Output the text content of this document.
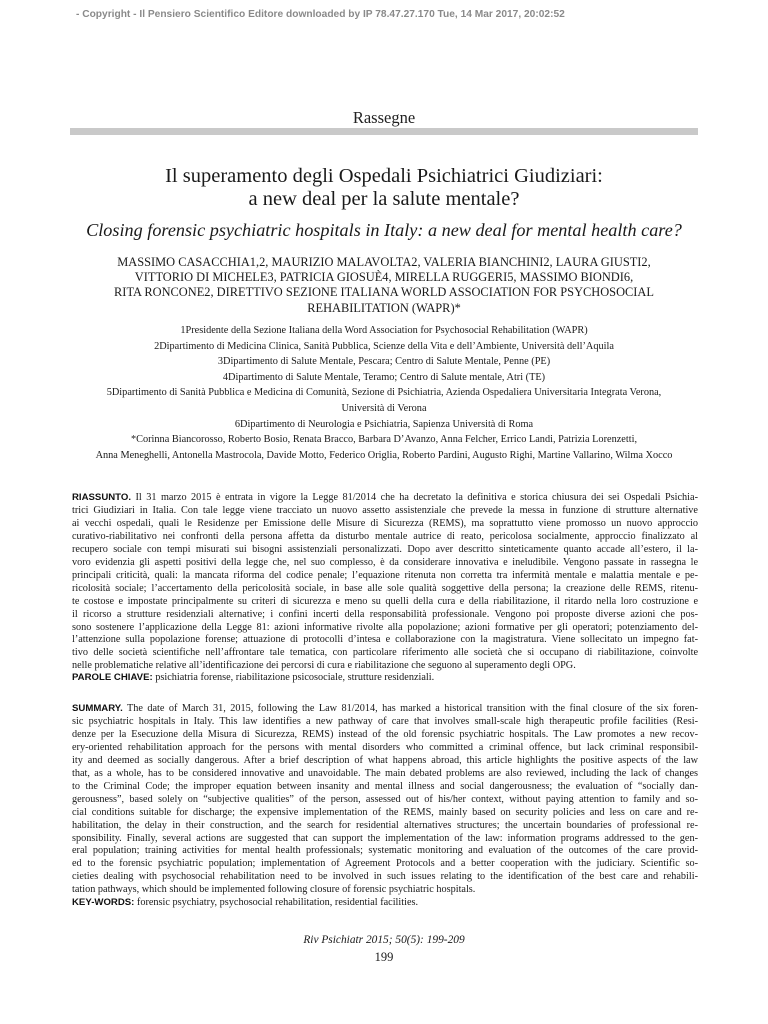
- Copyright - Il Pensiero Scientifico Editore downloaded by IP 78.47.27.170 Tue, 14 Mar 2017, 20:02:52
Rassegne
Il superamento degli Ospedali Psichiatrici Giudiziari:
a new deal per la salute mentale?
Closing forensic psychiatric hospitals in Italy: a new deal for mental health care?
MASSIMO CASACCHIA1,2, MAURIZIO MALAVOLTA2, VALERIA BIANCHINI2, LAURA GIUSTI2,
VITTORIO DI MICHELE3, PATRICIA GIOSUÈ4, MIRELLA RUGGERI5, MASSIMO BIONDI6,
RITA RONCONE2, DIRETTIVO SEZIONE ITALIANA WORLD ASSOCIATION FOR PSYCHOSOCIAL
REHABILITATION (WAPR)*
1Presidente della Sezione Italiana della Word Association for Psychosocial Rehabilitation (WAPR)
2Dipartimento di Medicina Clinica, Sanità Pubblica, Scienze della Vita e dell’Ambiente, Università dell’Aquila
3Dipartimento di Salute Mentale, Pescara; Centro di Salute Mentale, Penne (PE)
4Dipartimento di Salute Mentale, Teramo; Centro di Salute mentale, Atri (TE)
5Dipartimento di Sanità Pubblica e Medicina di Comunità, Sezione di Psichiatria, Azienda Ospedaliera Universitaria Integrata Verona,
Università di Verona
6Dipartimento di Neurologia e Psichiatria, Sapienza Università di Roma
*Corinna Biancorosso, Roberto Bosio, Renata Bracco, Barbara D’Avanzo, Anna Felcher, Errico Landi, Patrizia Lorenzetti,
Anna Meneghelli, Antonella Mastrocola, Davide Motto, Federico Origlia, Roberto Pardini, Augusto Righi, Martine Vallarino, Wilma Xocco
RIASSUNTO. Il 31 marzo 2015 è entrata in vigore la Legge 81/2014 che ha decretato la definitiva e storica chiusura dei sei Ospedali Psichia-
trici Giudiziari in Italia. Con tale legge viene tracciato un nuovo assetto assistenziale che prevede la messa in funzione di strutture alternative
ai vecchi ospedali, quali le Residenze per Emissione delle Misure di Sicurezza (REMS), ma soprattutto viene promosso un nuovo approccio
curativo-riabilitativo nei confronti della persona affetta da disturbo mentale autrice di reato, pericolosa socialmente, approccio finalizzato al
recupero sociale con tempi misurati sui bisogni assistenziali personalizzati. Dopo aver descritto sinteticamente quanto accade all’estero, il la-
voro evidenzia gli aspetti positivi della legge che, nel suo complesso, è da considerare innovativa e ineludibile. Vengono passate in rassegna le
principali criticità, quali: la mancata riforma del codice penale; l’equazione ritenuta non corretta tra infermità mentale e malattia mentale e pe-
ricolosità sociale; l’accertamento della pericolosità sociale, in base alle sole qualità soggettive della persona; la creazione delle REMS, ritenu-
te costose e impostate principalmente su criteri di sicurezza e meno su quelli della cura e della riabilitazione, il ritardo nella loro costruzione e
il ricorso a strutture residenziali alternative; i confini incerti della responsabilità professionale. Vengono poi proposte diverse azioni che pos-
sono sostenere l’applicazione della Legge 81: azioni informative rivolte alla popolazione; azioni formative per gli operatori; potenziamento del-
l’attenzione sulla popolazione forense; attuazione di protocolli d’intesa e collaborazione con la magistratura. Viene sollecitato un impegno fat-
tivo delle società scientifiche nell’affrontare tale tematica, con particolare riferimento alle società che si occupano di riabilitazione, coinvolte
nelle problematiche relative all’identificazione dei percorsi di cura e riabilitazione che seguono al superamento degli OPG.
PAROLE CHIAVE: psichiatria forense, riabilitazione psicosociale, strutture residenziali.
SUMMARY. The date of March 31, 2015, following the Law 81/2014, has marked a historical transition with the final closure of the six foren-
sic psychiatric hospitals in Italy. This law identifies a new pathway of care that involves small-scale high therapeutic profile facilities (Resi-
denze per la Esecuzione della Misura di Sicurezza, REMS) instead of the old forensic psychiatric hospitals. The Law promotes a new recov-
ery-oriented rehabilitation approach for the persons with mental disorders who committed a criminal offence, but lack criminal responsibil-
ity and deemed as socially dangerous. After a brief description of what happens abroad, this article highlights the positive aspects of the law
that, as a whole, has to be considered innovative and unavoidable. The main debated problems are also reviewed, including the lack of changes
to the Criminal Code; the improper equation between insanity and mental illness and social dangerousness; the evaluation of “socially dan-
gerousness”, based solely on “subjective qualities” of the person, assessed out of his/her context, without paying attention to family and so-
cial conditions suitable for discharge; the expensive implementation of the REMS, mainly based on security policies and less on care and re-
habilitation, the delay in their construction, and the search for residential alternatives structures; the uncertain boundaries of professional re-
sponsibility. Finally, several actions are suggested that can support the implementation of the law: information programs addressed to the gen-
eral population; training activities for mental health professionals; systematic monitoring and evaluation of the outcomes of the care provid-
ed to the forensic psychiatric population; implementation of Agreement Protocols and a better cooperation with the judiciary. Scientific so-
cieties dealing with psychosocial rehabilitation need to be involved in such issues relating to the identification of the best care and rehabili-
tation pathways, which should be implemented following closure of forensic psychiatric hospitals.
KEY-WORDS: forensic psychiatry, psychosocial rehabilitation, residential facilities.
Riv Psichiatr 2015; 50(5): 199-209
199
